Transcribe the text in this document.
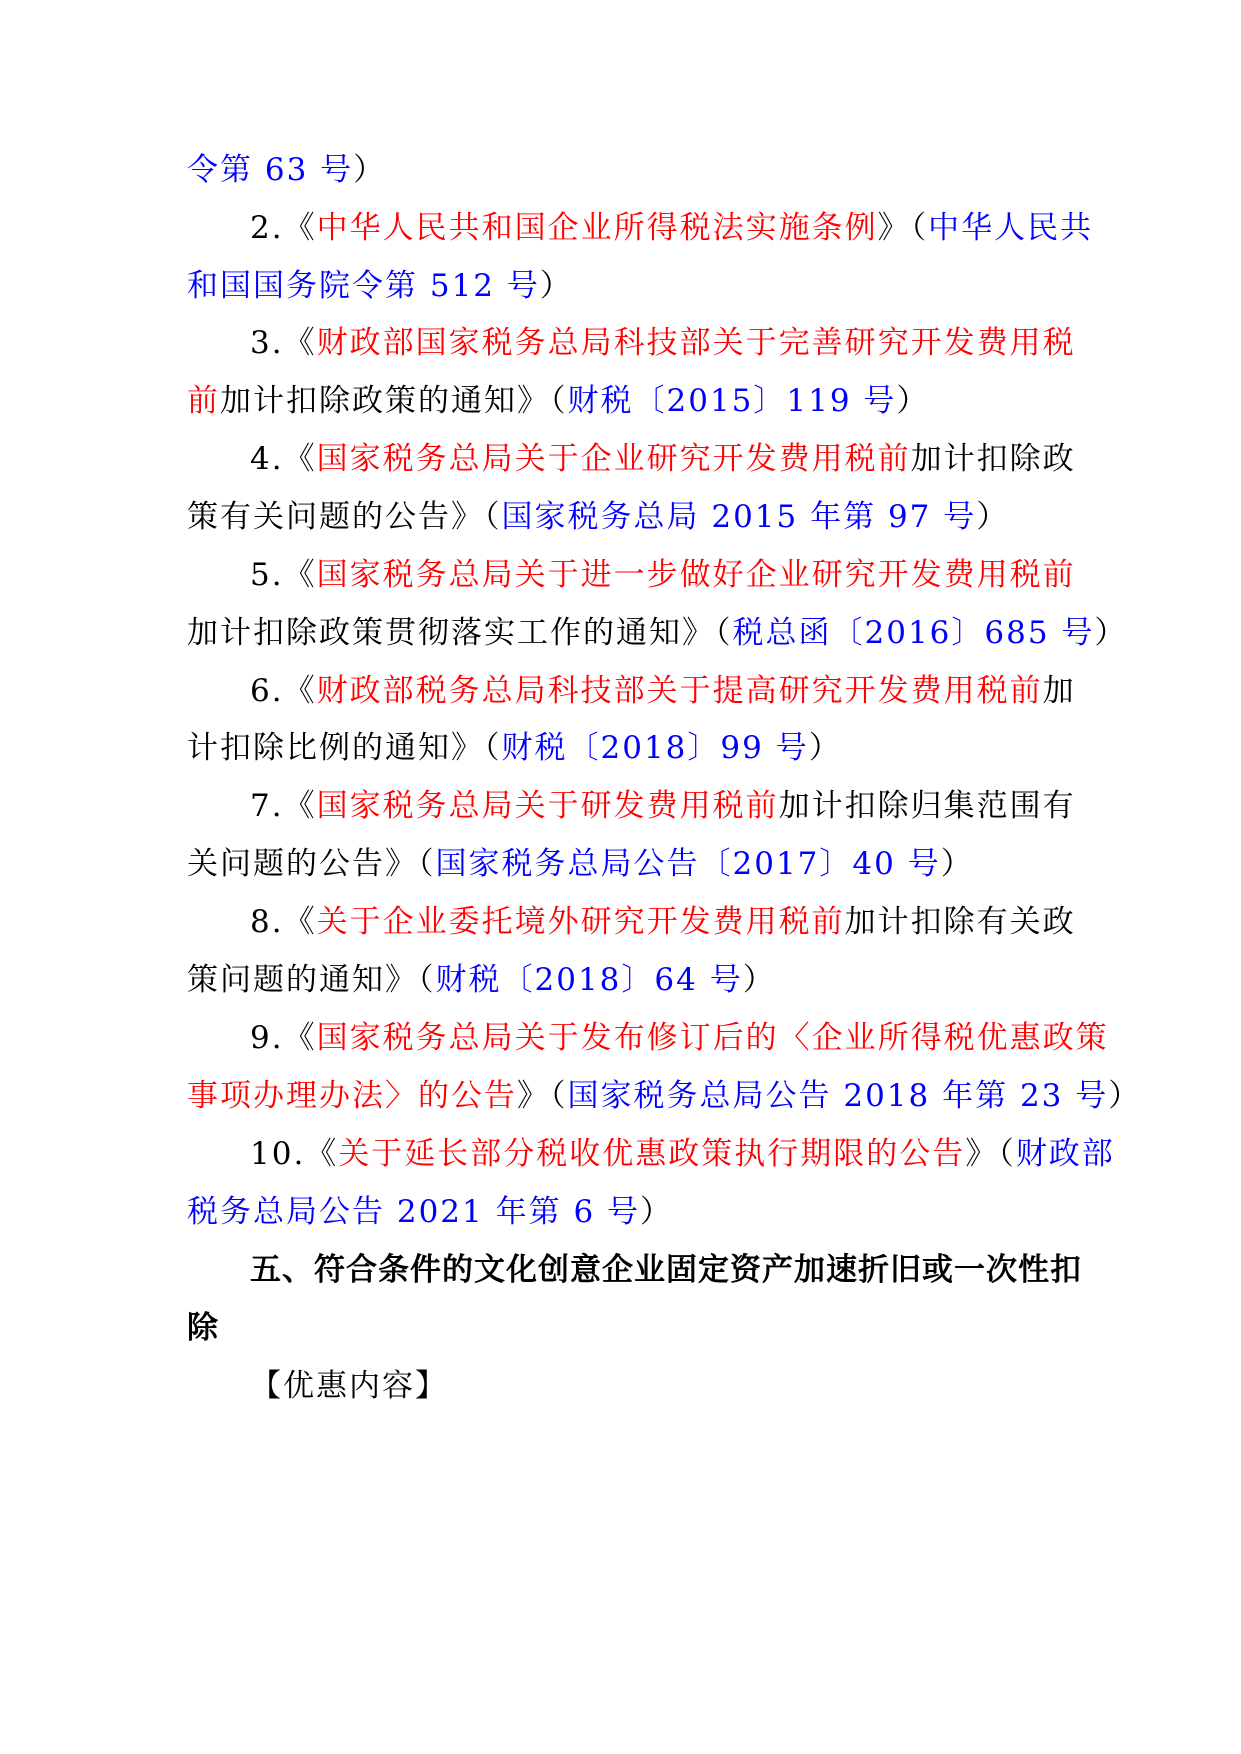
令第 63 号）
2.《中华人民共和国企业所得税法实施条例》（中华人民共
和国国务院令第 512 号）
3.《财政部国家税务总局科技部关于完善研究开发费用税
前加计扣除政策的通知》（财税〔2015〕119 号）
4.《国家税务总局关于企业研究开发费用税前加计扣除政
策有关问题的公告》（国家税务总局 2015 年第 97 号）
5.《国家税务总局关于进一步做好企业研究开发费用税前
加计扣除政策贯彻落实工作的通知》（税总函〔2016〕685 号）
6.《财政部税务总局科技部关于提高研究开发费用税前加
计扣除比例的通知》（财税〔2018〕99 号）
7.《国家税务总局关于研发费用税前加计扣除归集范围有
关问题的公告》（国家税务总局公告〔2017〕40 号）
8.《关于企业委托境外研究开发费用税前加计扣除有关政
策问题的通知》（财税〔2018〕64 号）
9.《国家税务总局关于发布修订后的〈企业所得税优惠政策
事项办理办法〉的公告》（国家税务总局公告 2018 年第 23 号）
10.《关于延长部分税收优惠政策执行期限的公告》（财政部
税务总局公告 2021 年第 6 号）
五、符合条件的文化创意企业固定资产加速折旧或一次性扣
除
【优惠内容】
